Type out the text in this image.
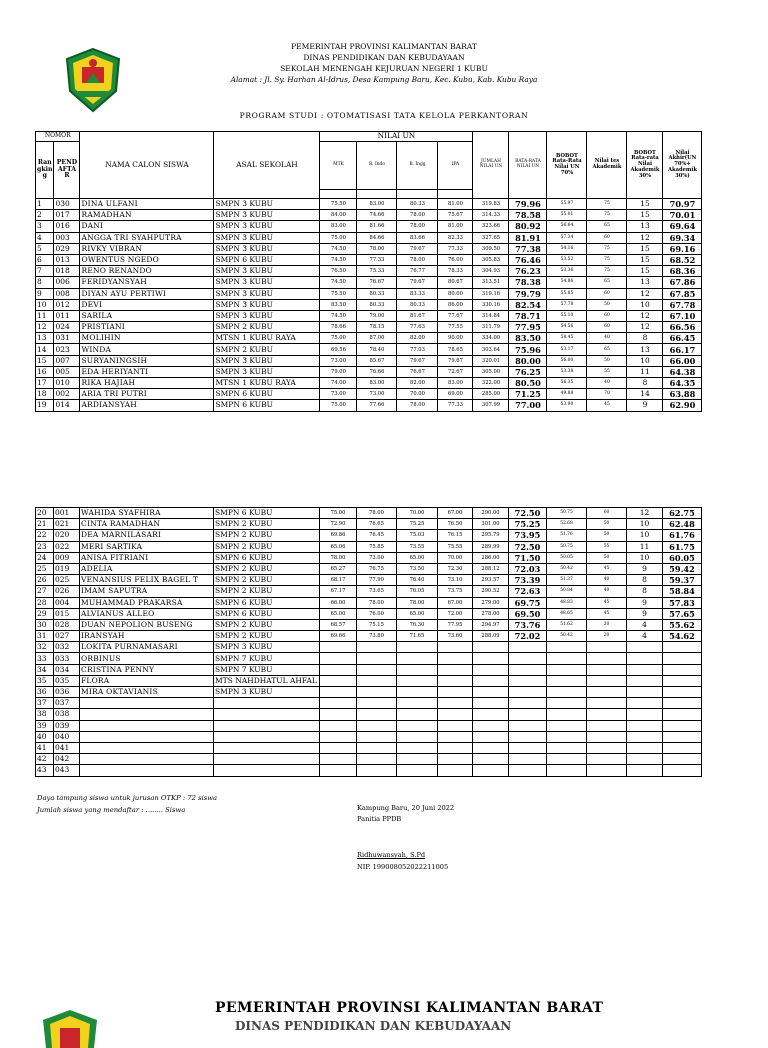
PEMERINTAH PROVINSI KALIMANTAN BARAT
DINAS PENDIDIKAN DAN KEBUDAYAAN
SEKOLAH MENENGAH KEJURUAN NEGERI 1 KUBU
Alamat : Jl. Sy. Harhan Al-Idrus, Desa Kampung Baru, Kec. Kubu, Kab. Kubu Raya
PROGRAM STUDI : OTOMATISASI TATA KELOLA PERKANTORAN
NOMOR		NAMA CALON SISWA	ASAL SEKOLAH	NILAI UN				JUMLAH NILAI UN	RATA-RATA NILAI UN	BOBOT Rata-Rata Nilai UN 70%	Nilai tes Akademik	BOBOT Rata-rata Nilai Akademik 30%	Nilai Akhir(UN 70%+ Akademik 30%)
Ran gkin g	PEND AFTA R			MTK	B. Indo	B. Ingg	IPA						

1	030	DINA ULFANI	SMPN 3 KUBU	75.50	83.00	80.33	81.00	319.83	79.96	55.97	75	15	70.97
2	017	RAMADHAN	SMPN 3 KUBU	84.00	74.66	78.00	75.67	314.33	78.58	55.01	75	15	70.01
3	016	DANI	SMPN 3 KUBU	83.00	81.66	78.00	81.00	323.66	80.92	56.64	65	13	69.64
4	003	ANGGA TRI SYAHPUTRA	SMPN 3 KUBU	75.00	84.66	83.66	82.33	327.65	81.91	57.34	60	12	69.34
5	029	RIVKY VIBRAN	SMPN 3 KUBU	74.50	78.00	79.67	77.33	309.50	77.38	54.16	75	15	69.16
6	013	OWENTUS NGEDO	SMPN 6 KUBU	74.50	77.33	78.00	76.00	305.83	76.46	53.52	75	15	68.52
7	018	RENO RENANDO	SMPN 3 KUBU	76.50	75.33	76.77	78.33	304.93	76.23	53.36	75	15	68.36
8	006	FERIDYANSYAH	SMPN 3 KUBU	74.50	76.67	79.67	80.67	313.51	78.38	54.86	65	13	67.86
9	008	DIYAN AYU PERTIWI	SMPN 3 KUBU	75.50	80.33	83.33	80.00	319.16	79.79	55.85	60	12	67.85
10	012	DEVI	SMPN 3 KUBU	83.50	80.33	80.33	86.00	330.16	82.54	57.78	50	10	67.78
11	011	SARILA	SMPN 3 KUBU	74.50	79.00	81.67	77.67	314.84	78.71	55.10	60	12	67.10
12	024	PRISTIANI	SMPN 2 KUBU	78.66	78.15	77.63	77.55	311.79	77.95	54.56	60	12	66.56
13	031	MOLIHIN	MTSN 1 KUBU RAYA	75.00	87.00	82.00	90.00	334.00	83.50	58.45	40	8	66.45
14	023	WINDA	SMPN 2 KUBU	69.56	78.40	77.03	78.65	303.64	75.96	53.17	65	13	66.17
15	007	SURYANINGSIH	SMPN 3 KUBU	73.00	85.67	79.67	79.67	320.01	80.00	56.00	50	10	66.00
16	005	EDA HERIYANTI	SMPN 3 KUBU	79.00	76.66	76.67	72.67	305.00	76.25	53.38	55	11	64.38
17	010	RIKA HAJIAH	MTSN 1 KUBU RAYA	74.00	83.00	82.00	83.00	322.00	80.50	56.35	40	8	64.35
18	002	ARIA TRI PUTRI	SMPN 6 KUBU	73.00	73.00	70.00	69.00	285.00	71.25	49.88	70	14	63.88
19	014	ARDIANSYAH	SMPN 6 KUBU	75.00	77.66	78.00	77.33	307.99	77.00	53.90	45	9	62.90
20	001	WAHIDA SYAFHIRA	SMPN 6 KUBU	75.00	78.00	70.00	67.00	290.00	72.50	50.75	60	12	62.75
21	021	CINTA RAMADHAN	SMPN 2 KUBU	72.90	76.65	75.25	76.50	301.00	75.25	52.68	50	10	62.48
22	020	DEA MARNILASARI	SMPN 2 KUBU	69.86	76.45	75.03	76.15	295.79	73.95	51.76	50	10	61.76
23	022	MERI SARTIKA	SMPN 2 KUBU	65.06	75.85	73.55	75.55	289.99	72.50	50.75	55	11	61.75
24	009	ANISA FITRIANI	SMPN 6 KUBU	78.00	73.00	65.00	70.00	286.00	71.50	50.05	50	10	60.05
25	019	ADELIA	SMPN 2 KUBU	65.27	76.75	73.50	72.30	288.12	72.03	50.42	45	9	59.42
26	025	VENANSIUS FELIX BAGEL T	SMPN 2 KUBU	68.17	77.90	76.40	73.10	293.57	73.39	51.37	40	8	59.37
27	026	IMAM SAPUTRA	SMPN 2 KUBU	67.17	73.65	76.05	73.75	290.52	72.63	50.84	40	8	58.84
28	004	MUHAMMAD PRAKARSA	SMPN 6 KUBU	66.00	78.00	78.00	67.00	279.00	69.75	48.83	45	9	57.83
29	015	ALVIANUS ALLEO	SMPN 6 KUBU	65.00	76.00	65.00	72.00	278.00	69.50	48.65	45	9	57.65
30	028	DUAN NEPOLION BUSENG	SMPN 2 KUBU	68.57	75.15	76.30	77.95	294.97	73.76	51.62	20	4	55.62
31	027	IRANSYAH	SMPN 2 KUBU	69.66	73.80	71.65	73.60	288.09	72.02	50.42	20	4	54.62
32	032	LOKITA PURNAMASARI	SMPN 3 KUBU										
33	033	ORBINUS	SMPN 7 KUBU										
34	034	CRISTINA PENNY	SMPN 7 KUBU										
35	035	FLORA	MTS NAHDHATUL AHFAL										
36	036	MIRA OKTAVIANIS	SMPN 3 KUBU										
37	037												
38	038												
39	039												
40	040												
41	041												
42	042												
43	043												
Daya tampung siswa untuk jurusan OTKP : 72 siswa
Jumlah siswa yang mendaftar : ........ Siswa	Kampung Baru, 20 Juni 2022
Panitia PPDB
Ridhuwansyah, S.Pd
NIP. 199008052022211005
PEMERINTAH PROVINSI KALIMANTAN BARAT
DINAS PENDIDIKAN DAN KEBUDAYAAN
